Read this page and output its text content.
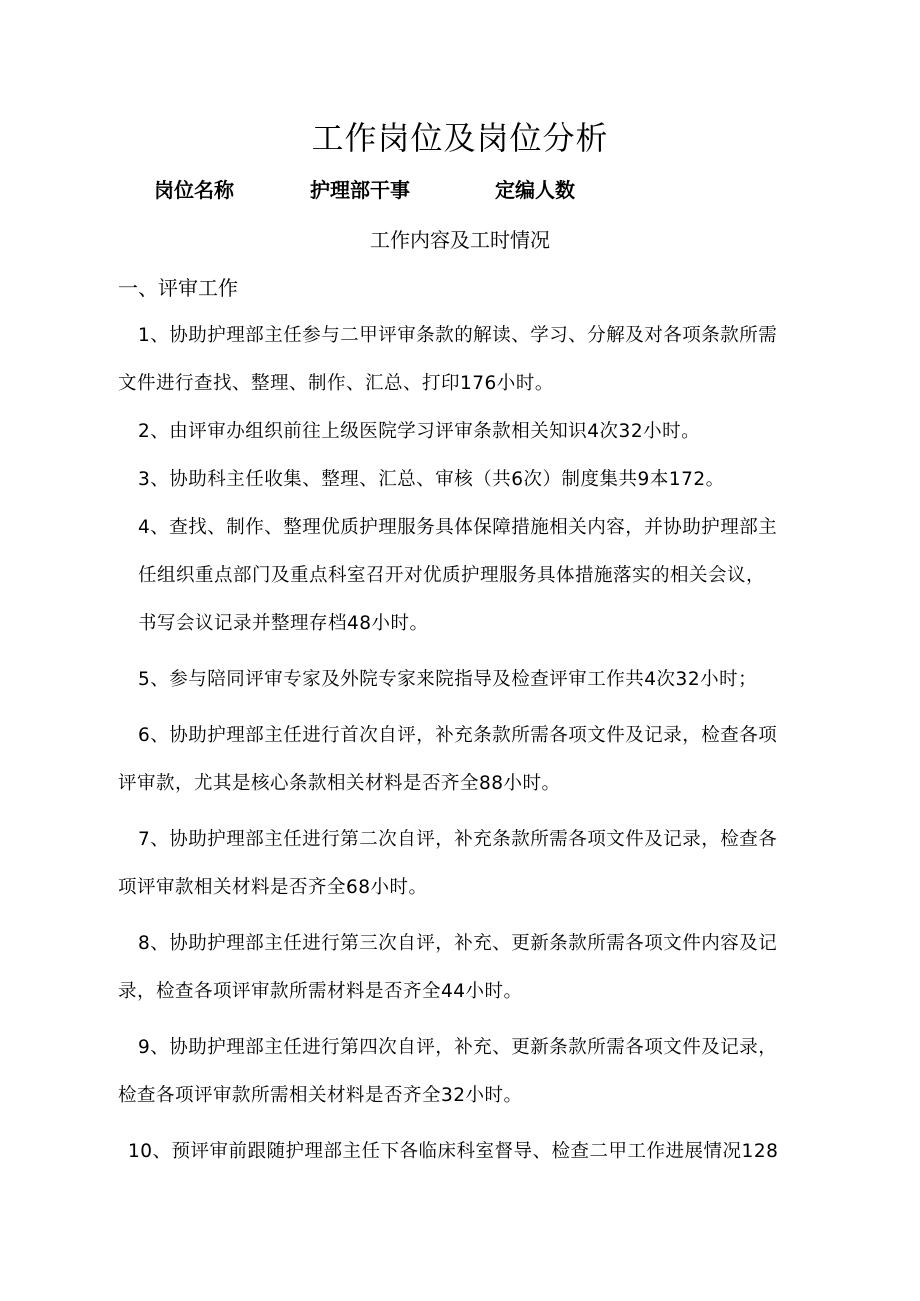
工作岗位及岗位分析
岗位名称	护理部干事	定编人数
工作内容及工时情况
一、评审工作
1、协助护理部主任参与二甲评审条款的解读、学习、分解及对各项条款所需
文件进行查找、整理、制作、汇总、打印176小时。
2、由评审办组织前往上级医院学习评审条款相关知识4次32小时。
3、协助科主任收集、整理、汇总、审核（共6次）制度集共9本172。
4、查找、制作、整理优质护理服务具体保障措施相关内容，并协助护理部主
任组织重点部门及重点科室召开对优质护理服务具体措施落实的相关会议，
书写会议记录并整理存档48小时。
5、参与陪同评审专家及外院专家来院指导及检查评审工作共4次32小时；
6、协助护理部主任进行首次自评，补充条款所需各项文件及记录，检查各项
评审款，尤其是核心条款相关材料是否齐全88小时。
7、协助护理部主任进行第二次自评，补充条款所需各项文件及记录，检查各
项评审款相关材料是否齐全68小时。
8、协助护理部主任进行第三次自评，补充、更新条款所需各项文件内容及记
录，检查各项评审款所需材料是否齐全44小时。
9、协助护理部主任进行第四次自评，补充、更新条款所需各项文件及记录，
检查各项评审款所需相关材料是否齐全32小时。
10、预评审前跟随护理部主任下各临床科室督导、检查二甲工作进展情况128
